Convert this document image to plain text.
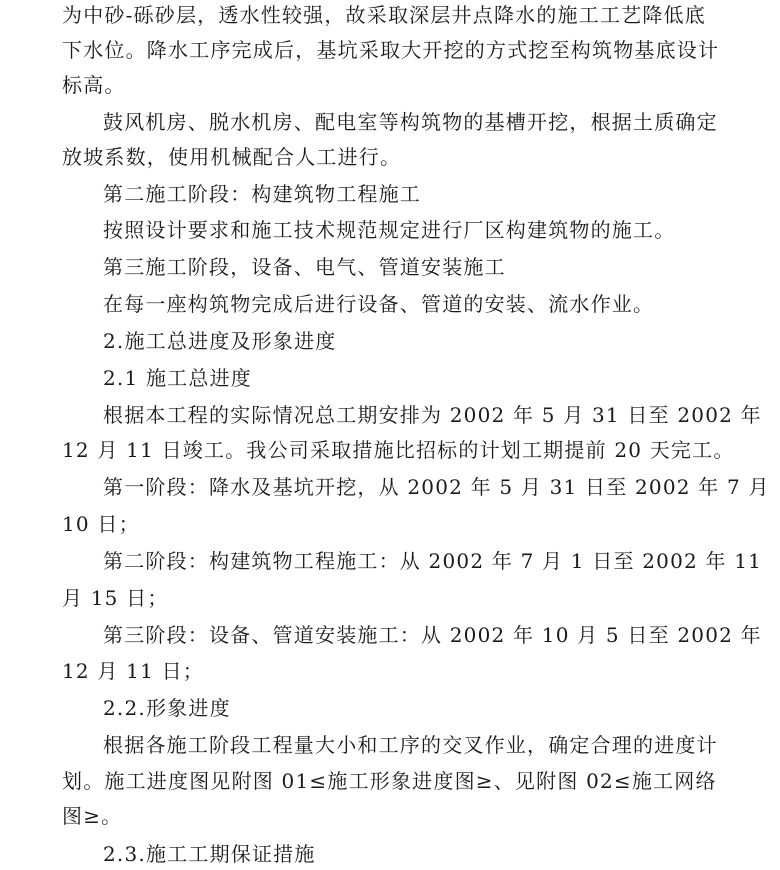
为中砂-砾砂层，透水性较强，故采取深层井点降水的施工工艺降低底
下水位。降水工序完成后，基坑采取大开挖的方式挖至构筑物基底设计
标高。
鼓风机房、脱水机房、配电室等构筑物的基槽开挖，根据土质确定
放坡系数，使用机械配合人工进行。
第二施工阶段：构建筑物工程施工
按照设计要求和施工技术规范规定进行厂区构建筑物的施工。
第三施工阶段，设备、电气、管道安装施工
在每一座构筑物完成后进行设备、管道的安装、流水作业。
2.施工总进度及形象进度
2.1 施工总进度
根据本工程的实际情况总工期安排为 2002 年 5 月 31 日至 2002 年
12 月 11 日竣工。我公司采取措施比招标的计划工期提前 20 天完工。
第一阶段：降水及基坑开挖，从 2002 年 5 月 31 日至 2002 年 7 月
10 日；
第二阶段：构建筑物工程施工：从 2002 年 7 月 1 日至 2002 年 11
月 15 日；
第三阶段：设备、管道安装施工：从 2002 年 10 月 5 日至 2002 年
12 月 11 日；
2.2.形象进度
根据各施工阶段工程量大小和工序的交叉作业，确定合理的进度计
划。施工进度图见附图 01≤施工形象进度图≥、见附图 02≤施工网络
图≥。
2.3.施工工期保证措施
